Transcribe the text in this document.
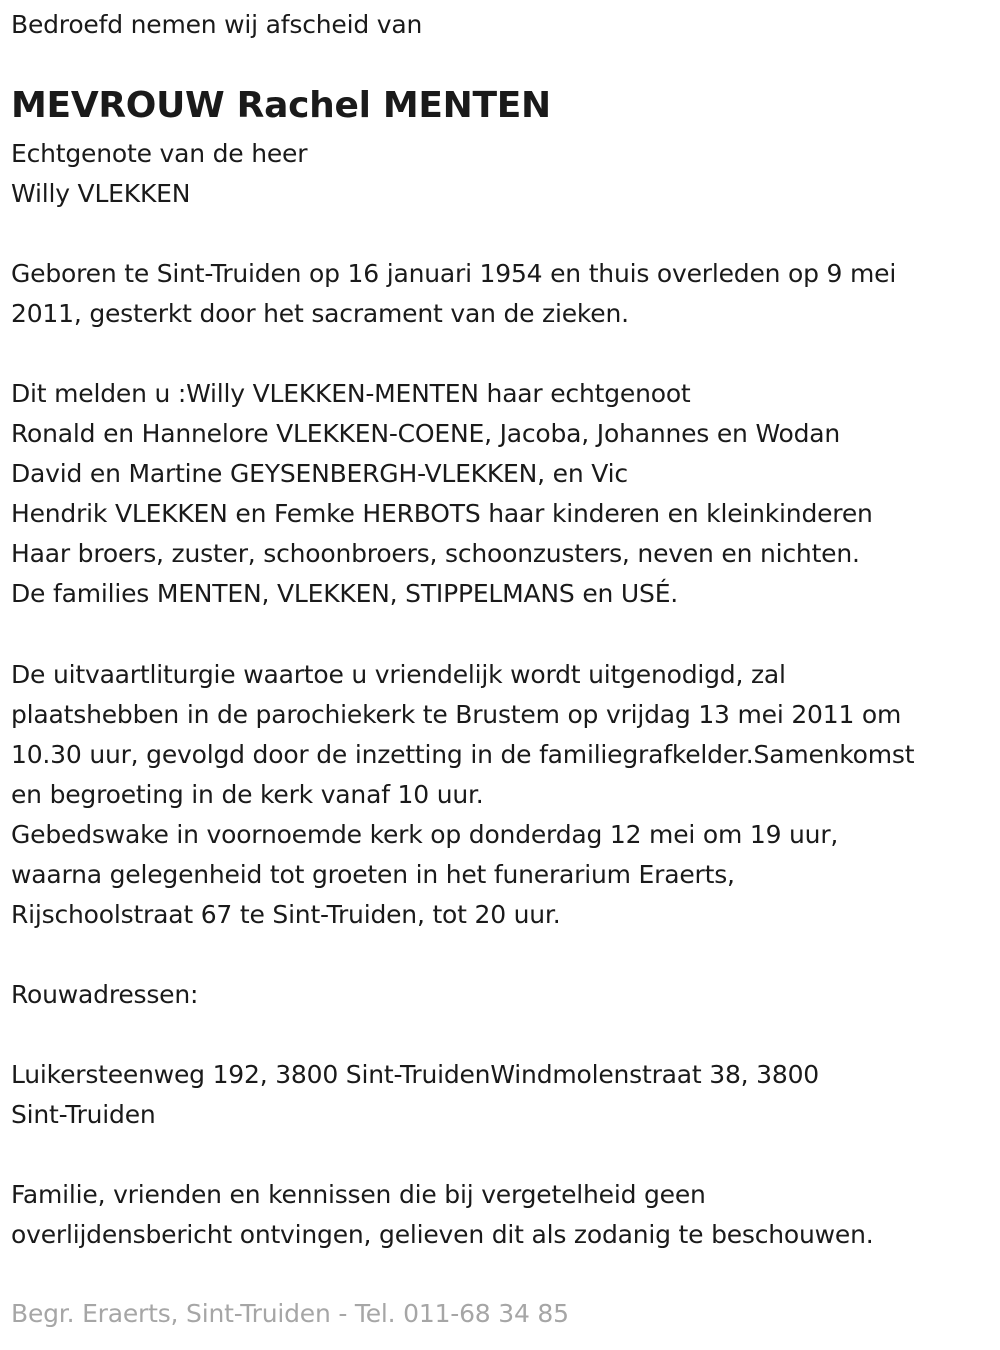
Bedroefd nemen wij afscheid van
MEVROUW Rachel MENTEN
Echtgenote van de heer
Willy VLEKKEN
Geboren te Sint-Truiden op 16 januari 1954 en thuis overleden op 9 mei
2011, gesterkt door het sacrament van de zieken.
Dit melden u :Willy VLEKKEN-MENTEN haar echtgenoot
Ronald en Hannelore VLEKKEN-COENE, Jacoba, Johannes en Wodan
David en Martine GEYSENBERGH-VLEKKEN, en Vic
Hendrik VLEKKEN en Femke HERBOTS haar kinderen en kleinkinderen
Haar broers, zuster, schoonbroers, schoonzusters, neven en nichten.
De families MENTEN, VLEKKEN, STIPPELMANS en USÉ.
De uitvaartliturgie waartoe u vriendelijk wordt uitgenodigd, zal
plaatshebben in de parochiekerk te Brustem op vrijdag 13 mei 2011 om
10.30 uur, gevolgd door de inzetting in de familiegrafkelder.Samenkomst
en begroeting in de kerk vanaf 10 uur.
Gebedswake in voornoemde kerk op donderdag 12 mei om 19 uur,
waarna gelegenheid tot groeten in het funerarium Eraerts,
Rijschoolstraat 67 te Sint-Truiden, tot 20 uur.
Rouwadressen:
Luikersteenweg 192, 3800 Sint-TruidenWindmolenstraat 38, 3800
Sint-Truiden
Familie, vrienden en kennissen die bij vergetelheid geen
overlijdensbericht ontvingen, gelieven dit als zodanig te beschouwen.
Begr. Eraerts, Sint-Truiden - Tel. 011-68 34 85
